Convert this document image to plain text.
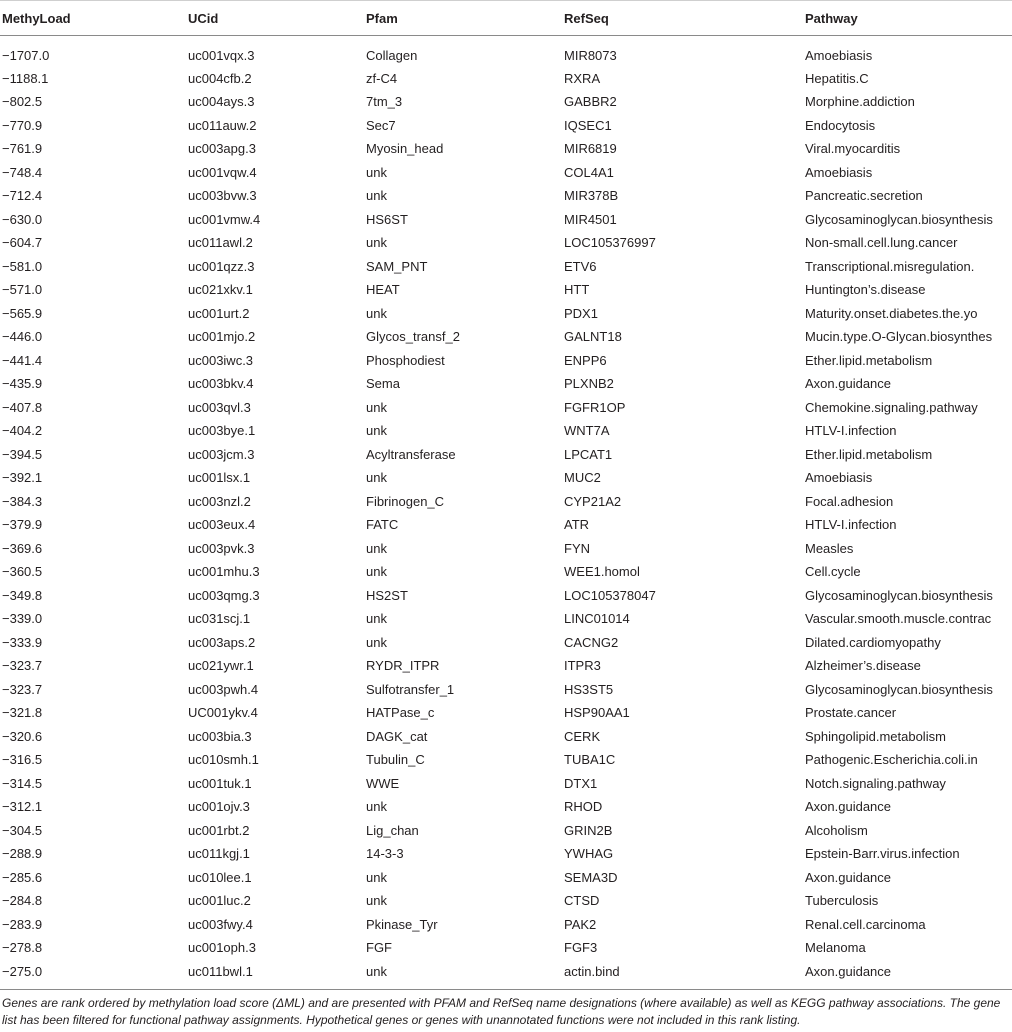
MethyLoad	UCid	Pfam	RefSeq	Pathway
−1707.0	uc001vqx.3	Collagen	MIR8073	Amoebiasis
−1188.1	uc004cfb.2	zf-C4	RXRA	Hepatitis.C
−802.5	uc004ays.3	7tm_3	GABBR2	Morphine.addiction
−770.9	uc011auw.2	Sec7	IQSEC1	Endocytosis
−761.9	uc003apg.3	Myosin_head	MIR6819	Viral.myocarditis
−748.4	uc001vqw.4	unk	COL4A1	Amoebiasis
−712.4	uc003bvw.3	unk	MIR378B	Pancreatic.secretion
−630.0	uc001vmw.4	HS6ST	MIR4501	Glycosaminoglycan.biosynthesis
−604.7	uc011awl.2	unk	LOC105376997	Non-small.cell.lung.cancer
−581.0	uc001qzz.3	SAM_PNT	ETV6	Transcriptional.misregulation.
−571.0	uc021xkv.1	HEAT	HTT	Huntington’s.disease
−565.9	uc001urt.2	unk	PDX1	Maturity.onset.diabetes.the.yo
−446.0	uc001mjo.2	Glycos_transf_2	GALNT18	Mucin.type.O-Glycan.biosynthes
−441.4	uc003iwc.3	Phosphodiest	ENPP6	Ether.lipid.metabolism
−435.9	uc003bkv.4	Sema	PLXNB2	Axon.guidance
−407.8	uc003qvl.3	unk	FGFR1OP	Chemokine.signaling.pathway
−404.2	uc003bye.1	unk	WNT7A	HTLV-I.infection
−394.5	uc003jcm.3	Acyltransferase	LPCAT1	Ether.lipid.metabolism
−392.1	uc001lsx.1	unk	MUC2	Amoebiasis
−384.3	uc003nzl.2	Fibrinogen_C	CYP21A2	Focal.adhesion
−379.9	uc003eux.4	FATC	ATR	HTLV-I.infection
−369.6	uc003pvk.3	unk	FYN	Measles
−360.5	uc001mhu.3	unk	WEE1.homol	Cell.cycle
−349.8	uc003qmg.3	HS2ST	LOC105378047	Glycosaminoglycan.biosynthesis
−339.0	uc031scj.1	unk	LINC01014	Vascular.smooth.muscle.contrac
−333.9	uc003aps.2	unk	CACNG2	Dilated.cardiomyopathy
−323.7	uc021ywr.1	RYDR_ITPR	ITPR3	Alzheimer’s.disease
−323.7	uc003pwh.4	Sulfotransfer_1	HS3ST5	Glycosaminoglycan.biosynthesis
−321.8	UC001ykv.4	HATPase_c	HSP90AA1	Prostate.cancer
−320.6	uc003bia.3	DAGK_cat	CERK	Sphingolipid.metabolism
−316.5	uc010smh.1	Tubulin_C	TUBA1C	Pathogenic.Escherichia.coli.in
−314.5	uc001tuk.1	WWE	DTX1	Notch.signaling.pathway
−312.1	uc001ojv.3	unk	RHOD	Axon.guidance
−304.5	uc001rbt.2	Lig_chan	GRIN2B	Alcoholism
−288.9	uc011kgj.1	14-3-3	YWHAG	Epstein-Barr.virus.infection
−285.6	uc010lee.1	unk	SEMA3D	Axon.guidance
−284.8	uc001luc.2	unk	CTSD	Tuberculosis
−283.9	uc003fwy.4	Pkinase_Tyr	PAK2	Renal.cell.carcinoma
−278.8	uc001oph.3	FGF	FGF3	Melanoma
−275.0	uc011bwl.1	unk	actin.bind	Axon.guidance

Genes are rank ordered by methylation load score (ΔML) and are presented with PFAM and RefSeq name designations (where available) as well as KEGG pathway associations. The gene list has been filtered for functional pathway assignments. Hypothetical genes or genes with unannotated functions were not included in this rank listing.
